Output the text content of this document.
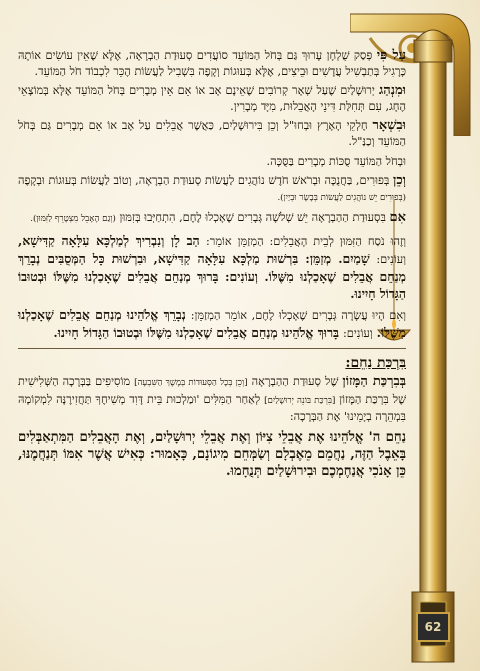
עַל פִּי פְּסַק שֻׁלְחָן עָרוּךְ גַּם בְּחֹל הַמּוֹעֵד סוֹעֲדִים סְעוּדַת הַבְרָאָה, אֶלָּא שֶׁאֵין עוֹשִׂים אוֹתָהּ כָּרָגִיל בְּתַבְשִׁיל עֲדָשִׁים וּבֵיצִים, אֶלָּא בְּעוּגוֹת וְקָפֶה בִּשְׁבִיל לַעֲשׂוֹת הֶכֵּר לִכְבוֹד חֹל הַמּוֹעֵד.

וּמִנְהַג יְרוּשָׁלַיִם שֶׁעַל שְׁאָר קְרוֹבִים שֶׁאֵינָם אָב אוֹ אֵם אֵין מְבָרִים בְּחֹל הַמּוֹעֵד אֶלָּא בְּמוֹצָאֵי הֶחָג, עִם תְּחִלַּת דִּינֵי הָאֲבֵלוּת, מִיָּד מְבָרִין.

וּבִשְׁאָר חֶלְקֵי הָאָרֶץ וּבְחוּ"ל וְכֵן בִּירוּשָׁלַיִם, כַּאֲשֶׁר אֲבֵלִים עַל אָב אוֹ אֵם מְבָרִים גַּם בְּחֹל הַמּוֹעֵד וְכַנַּ"ל.

וּבְחֹל הַמּוֹעֵד סֻכּוֹת מְבָרִים בַּסֻּכָּה.

וְכֵן בְּפוּרִים, בַּחֲנֻכָּה וּבְרֹאשׁ חֹדֶשׁ נוֹהֲגִים לַעֲשׂוֹת סְעוּדַת הַבְרָאָה, וְטוֹב לַעֲשׂוֹת בְּעוּגוֹת וּבְקָפֶה (בְּפוּרִים יֵשׁ נוֹהֲגִים לַעֲשׂוֹת בְּבָשָׂר וּבְיַיִן).

אִם בִּסְעוּדַת הַהַבְרָאָה יֵשׁ שְׁלֹשָׁה גְּבָרִים שֶׁאָכְלוּ לֶחֶם, הִתְחַיְּבוּ בְּזִמּוּן (וְגַם הָאָבֵל מִצְטָרֵף לַזִּמּוּן).

וְזֶהוּ נֹסַח הַזִּמּוּן לְבֵית הָאֲבֵלִים: הַמְזַמֵּן אוֹמֵר: הַב לָן וְנִבְרִיךְ לְמַלְכָּא עִלָּאָה קַדִּישָׁא, וְעוֹנִים: שָׁמַיִם. מְזַמֵּן: בִּרְשׁוּת מַלְכָּא עִלָּאָה קַדִּישָׁא, וּבִרְשׁוּת כָּל הַמְּסֻבִּים נְבָרֵךְ מְנַחֵם אֲבֵלִים שֶׁאָכַלְנוּ מִשֶּׁלּוֹ. וְעוֹנִים: בָּרוּךְ מְנַחֵם אֲבֵלִים שֶׁאָכַלְנוּ מִשֶּׁלּוֹ וּבְטוּבוֹ הַגָּדוֹל חָיִינוּ.

וְאִם הָיוּ עֲשָׂרָה גְּבָרִים שֶׁאָכְלוּ לֶחֶם, אוֹמֵר הַמְזַמֵּן: נְבָרֵךְ אֱלֹהֵינוּ מְנַחֵם אֲבֵלִים שֶׁאָכַלְנוּ מִשֶּׁלּוֹ. וְעוֹנִים: בָּרוּךְ אֱלֹהֵינוּ מְנַחֵם אֲבֵלִים שֶׁאָכַלְנוּ מִשֶּׁלּוֹ וּבְטוּבוֹ הַגָּדוֹל חָיִינוּ.

בִּרְכַּת נַחֵם:

בְּבִרְכַּת הַמָּזוֹן שֶׁל סְעוּדַת הַהַבְרָאָה [וְכֵן בְּכָל הַסְּעוּדוֹת בְּמֶשֶׁךְ הַשִּׁבְעָה] מוֹסִיפִים בַּבְּרָכָה הַשְּׁלִישִׁית שֶׁל בִּרְכַּת הַמָּזוֹן [בִּרְכַּת בּוֹנֵה יְרוּשָׁלַיִם] לְאַחַר הַמִּלִּים 'וּמַלְכוּת בֵּית דָּוִד מְשִׁיחֶךָ תַּחֲזִירֶנָּה לִמְקוֹמָהּ בִּמְהֵרָה בְיָמֵינוּ' אֶת הַבְּרָכָה:

נַחֵם ה' אֱלֹהֵינוּ אֶת אֲבֵלֵי צִיּוֹן וְאֶת אֲבֵלֵי יְרוּשָׁלַיִם, וְאֶת הָאֲבֵלִים הַמִּתְאַבְּלִים בָּאֵבֶל הַזֶּה, נַחֲמֵם מֵאֶבְלָם וְשַׂמְּחֵם מִיגוֹנָם, כָּאָמוּר: כְּאִישׁ אֲשֶׁר אִמּוֹ תְּנַחֲמֶנּוּ, כֵּן אָנֹכִי אֲנַחֶמְכֶם וּבִירוּשָׁלַיִם תְּנֻחָמוּ.

62
